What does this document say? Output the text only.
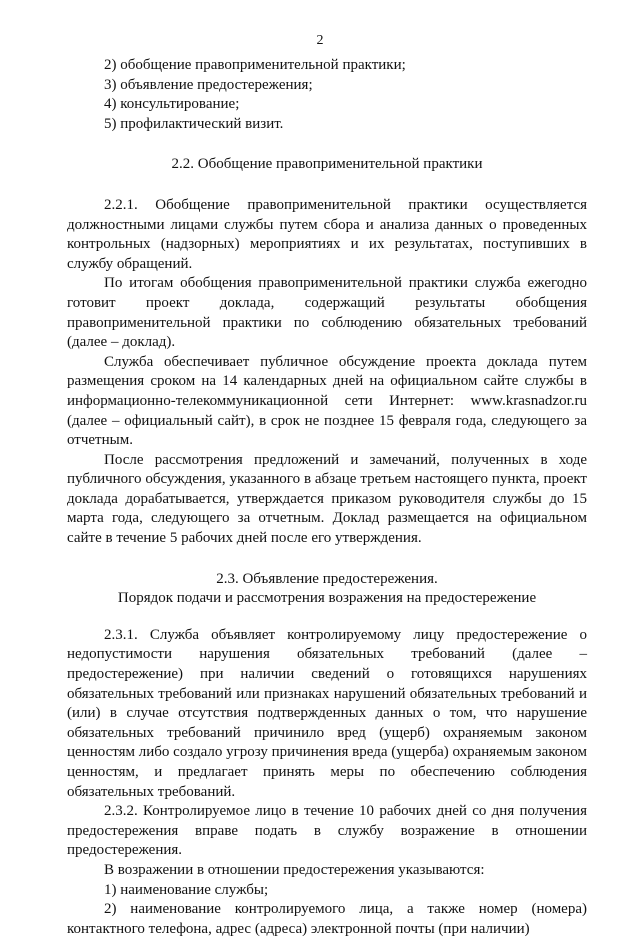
2

2) обобщение правоприменительной практики;

3) объявление предостережения;

4) консультирование;

5) профилактический визит.

2.2. Обобщение правоприменительной практики

2.2.1. Обобщение правоприменительной практики осуществляется должностными лицами службы путем сбора и анализа данных о проведенных контрольных (надзорных) мероприятиях и их результатах, поступивших в службу обращений.

По итогам обобщения правоприменительной практики служба ежегодно готовит проект доклада, содержащий результаты обобщения правоприменительной практики по соблюдению обязательных требований (далее – доклад).

Служба обеспечивает публичное обсуждение проекта доклада путем размещения сроком на 14 календарных дней на официальном сайте службы в информационно-телекоммуникационной сети Интернет: www.krasnadzor.ru (далее – официальный сайт), в срок не позднее 15 февраля года, следующего за отчетным.

После рассмотрения предложений и замечаний, полученных в ходе публичного обсуждения, указанного в абзаце третьем настоящего пункта, проект доклада дорабатывается, утверждается приказом руководителя службы до 15 марта года, следующего за отчетным. Доклад размещается на официальном сайте в течение 5 рабочих дней после его утверждения.

2.3. Объявление предостережения.

Порядок подачи и рассмотрения возражения на предостережение

2.3.1. Служба объявляет контролируемому лицу предостережение о недопустимости нарушения обязательных требований (далее – предостережение) при наличии сведений о готовящихся нарушениях обязательных требований или признаках нарушений обязательных требований и (или) в случае отсутствия подтвержденных данных о том, что нарушение обязательных требований причинило вред (ущерб) охраняемым законом ценностям либо создало угрозу причинения вреда (ущерба) охраняемым законом ценностям, и предлагает принять меры по обеспечению соблюдения обязательных требований.

2.3.2. Контролируемое лицо в течение 10 рабочих дней со дня получения предостережения вправе подать в службу возражение в отношении предостережения.

В возражении в отношении предостережения указываются:

1) наименование службы;

2) наименование контролируемого лица, а также номер (номера) контактного телефона, адрес (адреса) электронной почты (при наличии)
